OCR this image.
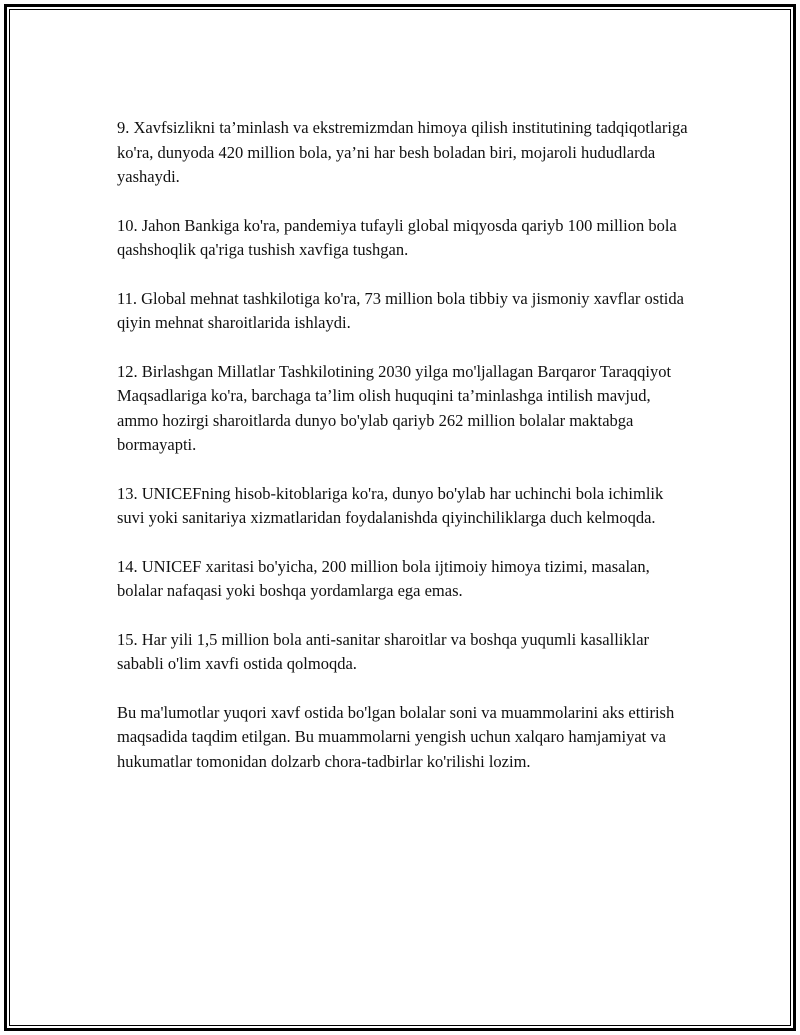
9. Xavfsizlikni ta’minlash va ekstremizmdan himoya qilish institutining tadqiqotlariga ko'ra, dunyoda 420 million bola, ya’ni har besh boladan biri, mojaroli hududlarda yashaydi.

10. Jahon Bankiga ko'ra, pandemiya tufayli global miqyosda qariyb 100 million bola qashshoqlik qa'riga tushish xavfiga tushgan.

11. Global mehnat tashkilotiga ko'ra, 73 million bola tibbiy va jismoniy xavflar ostida qiyin mehnat sharoitlarida ishlaydi.

12. Birlashgan Millatlar Tashkilotining 2030 yilga mo'ljallagan Barqaror Taraqqiyot Maqsadlariga ko'ra, barchaga ta’lim olish huquqini ta’minlashga intilish mavjud, ammo hozirgi sharoitlarda dunyo bo'ylab qariyb 262 million bolalar maktabga bormayapti.

13. UNICEFning hisob-kitoblariga ko'ra, dunyo bo'ylab har uchinchi bola ichimlik suvi yoki sanitariya xizmatlaridan foydalanishda qiyinchiliklarga duch kelmoqda.

14. UNICEF xaritasi bo'yicha, 200 million bola ijtimoiy himoya tizimi, masalan, bolalar nafaqasi yoki boshqa yordamlarga ega emas.

15. Har yili 1,5 million bola anti-sanitar sharoitlar va boshqa yuqumli kasalliklar sababli o'lim xavfi ostida qolmoqda.

Bu ma'lumotlar yuqori xavf ostida bo'lgan bolalar soni va muammolarini aks ettirish maqsadida taqdim etilgan. Bu muammolarni yengish uchun xalqaro hamjamiyat va hukumatlar tomonidan dolzarb chora-tadbirlar ko'rilishi lozim.
